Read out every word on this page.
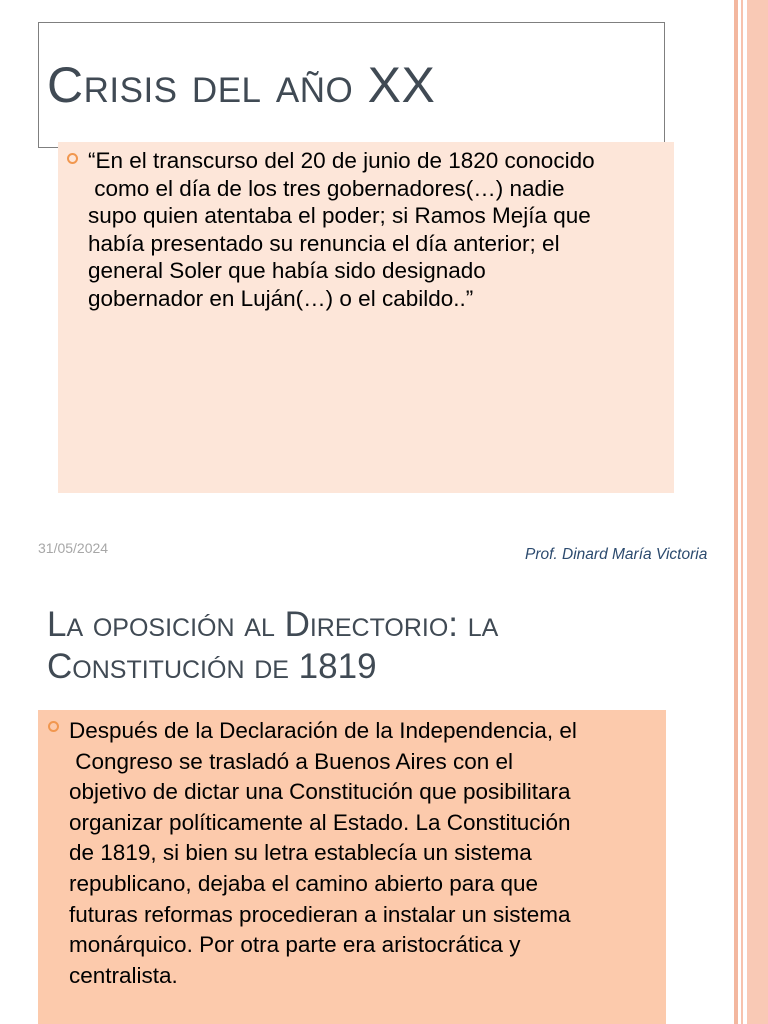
Crisis del año XX

“En el transcurso del 20 de junio de 1820 conocido
como el día de los tres gobernadores(…) nadie
supo quien atentaba el poder; si Ramos Mejía que
había presentado su renuncia el día anterior; el
general Soler que había sido designado
gobernador en Luján(…) o el cabildo..”

31/05/2024	Prof. Dinard María Victoria
La oposición al Directorio: la
Constitución de 1819

Después de la Declaración de la Independencia, el
Congreso se trasladó a Buenos Aires con el
objetivo de dictar una Constitución que posibilitara
organizar políticamente al Estado. La Constitución
de 1819, si bien su letra establecía un sistema
republicano, dejaba el camino abierto para que
futuras reformas procedieran a instalar un sistema
monárquico. Por otra parte era aristocrática y
centralista.
